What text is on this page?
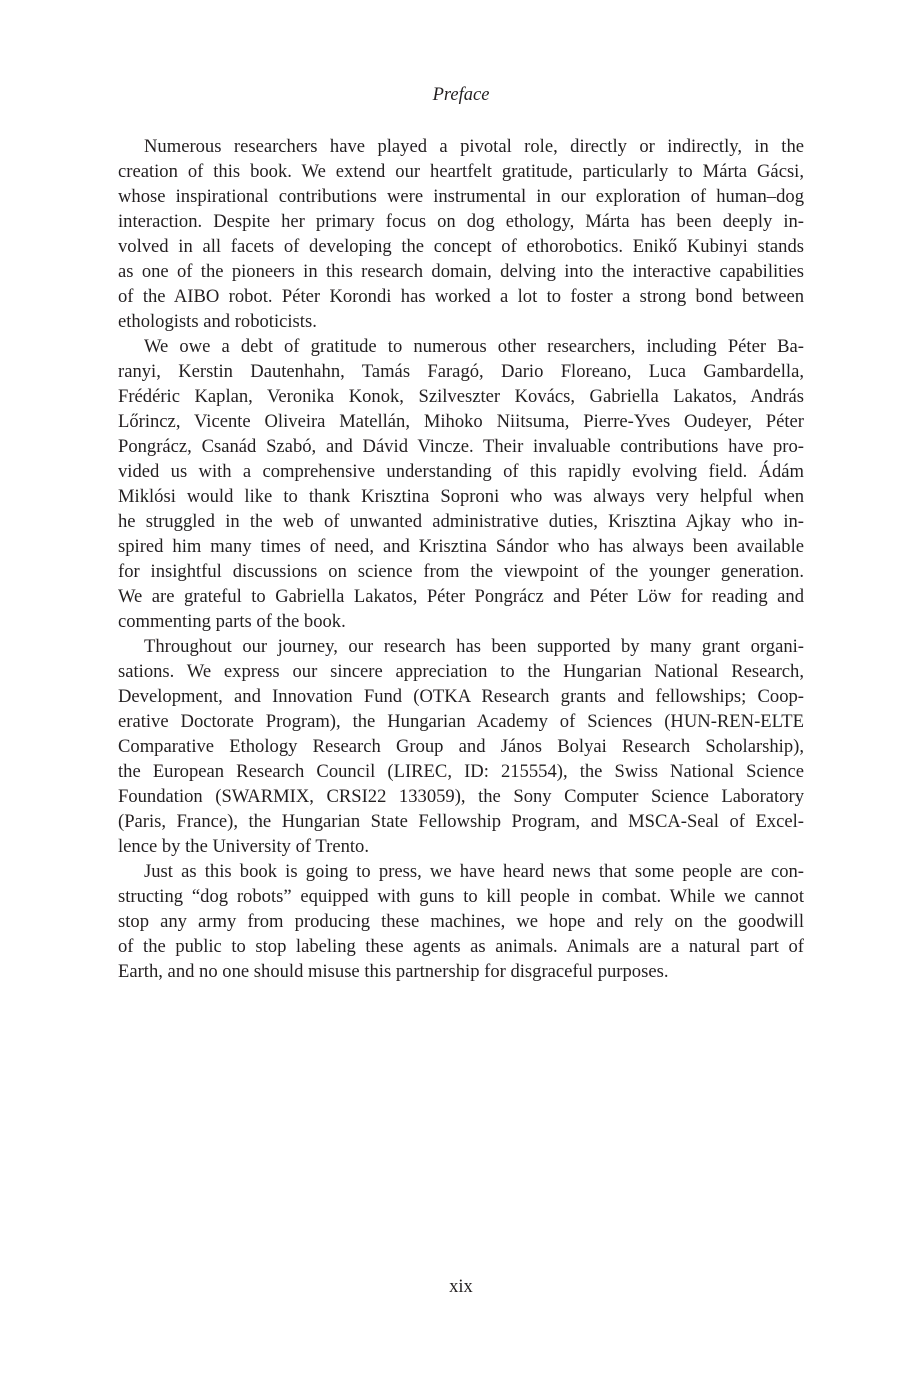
Preface
Numerous researchers have played a pivotal role, directly or indirectly, in the
creation of this book. We extend our heartfelt gratitude, particularly to Márta Gácsi,
whose inspirational contributions were instrumental in our exploration of human–dog
interaction. Despite her primary focus on dog ethology, Márta has been deeply in-
volved in all facets of developing the concept of ethorobotics. Enikő Kubinyi stands
as one of the pioneers in this research domain, delving into the interactive capabilities
of the AIBO robot. Péter Korondi has worked a lot to foster a strong bond between
ethologists and roboticists.
We owe a debt of gratitude to numerous other researchers, including Péter Ba-
ranyi, Kerstin Dautenhahn, Tamás Faragó, Dario Floreano, Luca Gambardella,
Frédéric Kaplan, Veronika Konok, Szilveszter Kovács, Gabriella Lakatos, András
Lőrincz, Vicente Oliveira Matellán, Mihoko Niitsuma, Pierre-Yves Oudeyer, Péter
Pongrácz, Csanád Szabó, and Dávid Vincze. Their invaluable contributions have pro-
vided us with a comprehensive understanding of this rapidly evolving field. Ádám
Miklósi would like to thank Krisztina Soproni who was always very helpful when
he struggled in the web of unwanted administrative duties, Krisztina Ajkay who in-
spired him many times of need, and Krisztina Sándor who has always been available
for insightful discussions on science from the viewpoint of the younger generation.
We are grateful to Gabriella Lakatos, Péter Pongrácz and Péter Löw for reading and
commenting parts of the book.
Throughout our journey, our research has been supported by many grant organi-
sations. We express our sincere appreciation to the Hungarian National Research,
Development, and Innovation Fund (OTKA Research grants and fellowships; Coop-
erative Doctorate Program), the Hungarian Academy of Sciences (HUN-REN-ELTE
Comparative Ethology Research Group and János Bolyai Research Scholarship),
the European Research Council (LIREC, ID: 215554), the Swiss National Science
Foundation (SWARMIX, CRSI22 133059), the Sony Computer Science Laboratory
(Paris, France), the Hungarian State Fellowship Program, and MSCA-Seal of Excel-
lence by the University of Trento.
Just as this book is going to press, we have heard news that some people are con-
structing “dog robots” equipped with guns to kill people in combat. While we cannot
stop any army from producing these machines, we hope and rely on the goodwill
of the public to stop labeling these agents as animals. Animals are a natural part of
Earth, and no one should misuse this partnership for disgraceful purposes.
xix
